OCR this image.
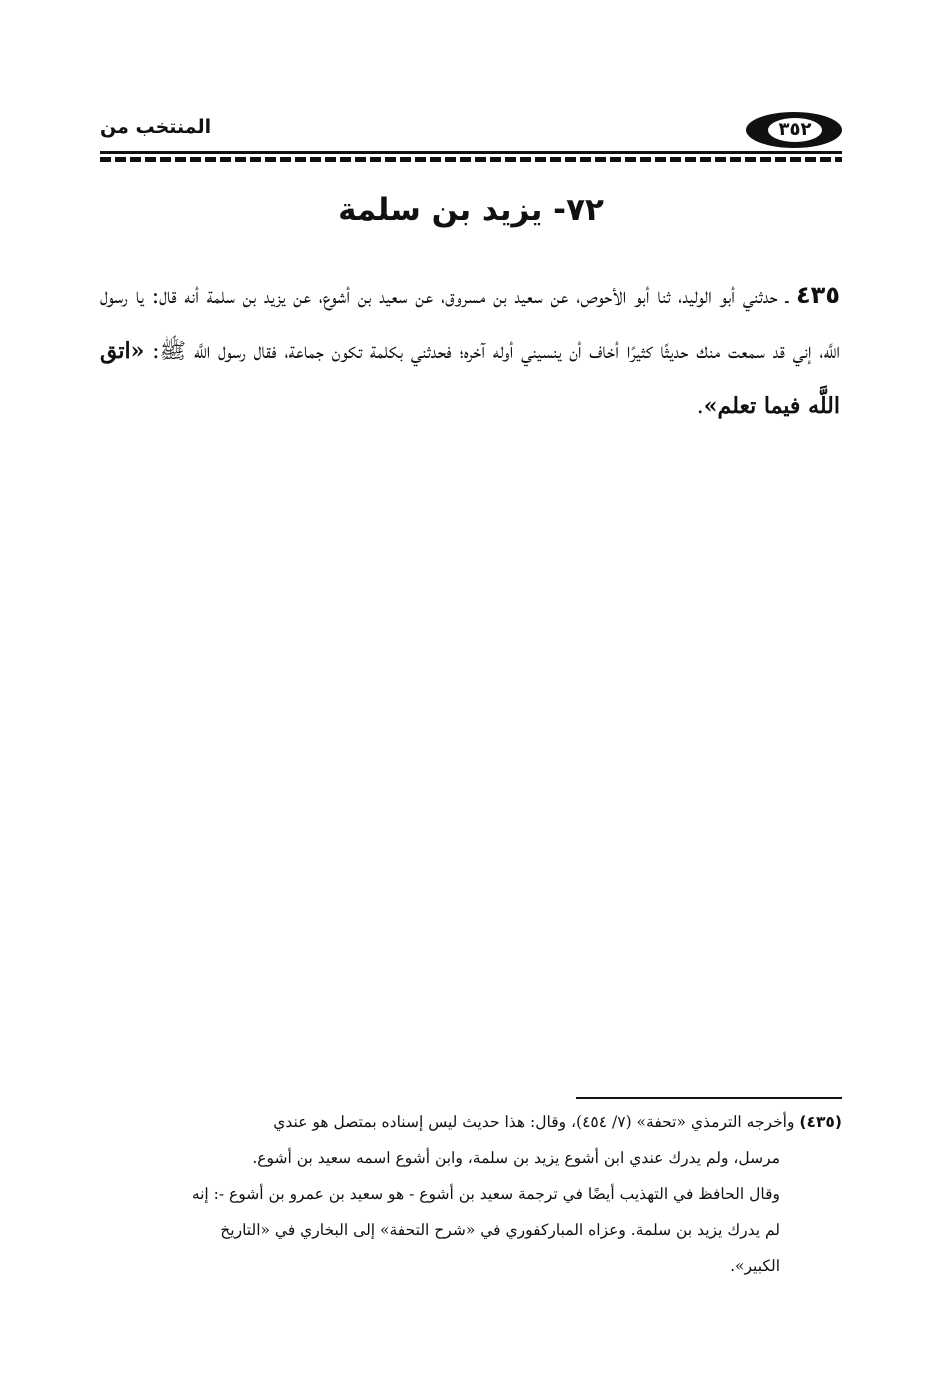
المنتخب من	٣٥٢
٧٢- يزيد بن سلمة
٤٣٥ ـ حدثني أبو الوليد، ثنا أبو الأحوص، عن سعيد بن مسروق، عن سعيد بن أشوع، عن يزيد بن سلمة أنه قال: يا رسول اللَّه، إني قد سمعت منك حديثًا كثيرًا أخاف أن ينسيني أوله آخره؛ فحدثني بكلمة تكون جماعة، فقال رسول اللَّه ﷺ: «اتق اللَّه فيما تعلم».
(٤٣٥) وأخرجه الترمذي «تحفة» (٧/ ٤٥٤)، وقال: هذا حديث ليس إسناده بمتصل هو عندي
مرسل، ولم يدرك عندي ابن أشوع يزيد بن سلمة، وابن أشوع اسمه سعيد بن أشوع.
وقال الحافظ في التهذيب أيضًا في ترجمة سعيد بن أشوع - هو سعيد بن عمرو بن أشوع -: إنه
لم يدرك يزيد بن سلمة. وعزاه المباركفوري في «شرح التحفة» إلى البخاري في «التاريخ
الكبير».
